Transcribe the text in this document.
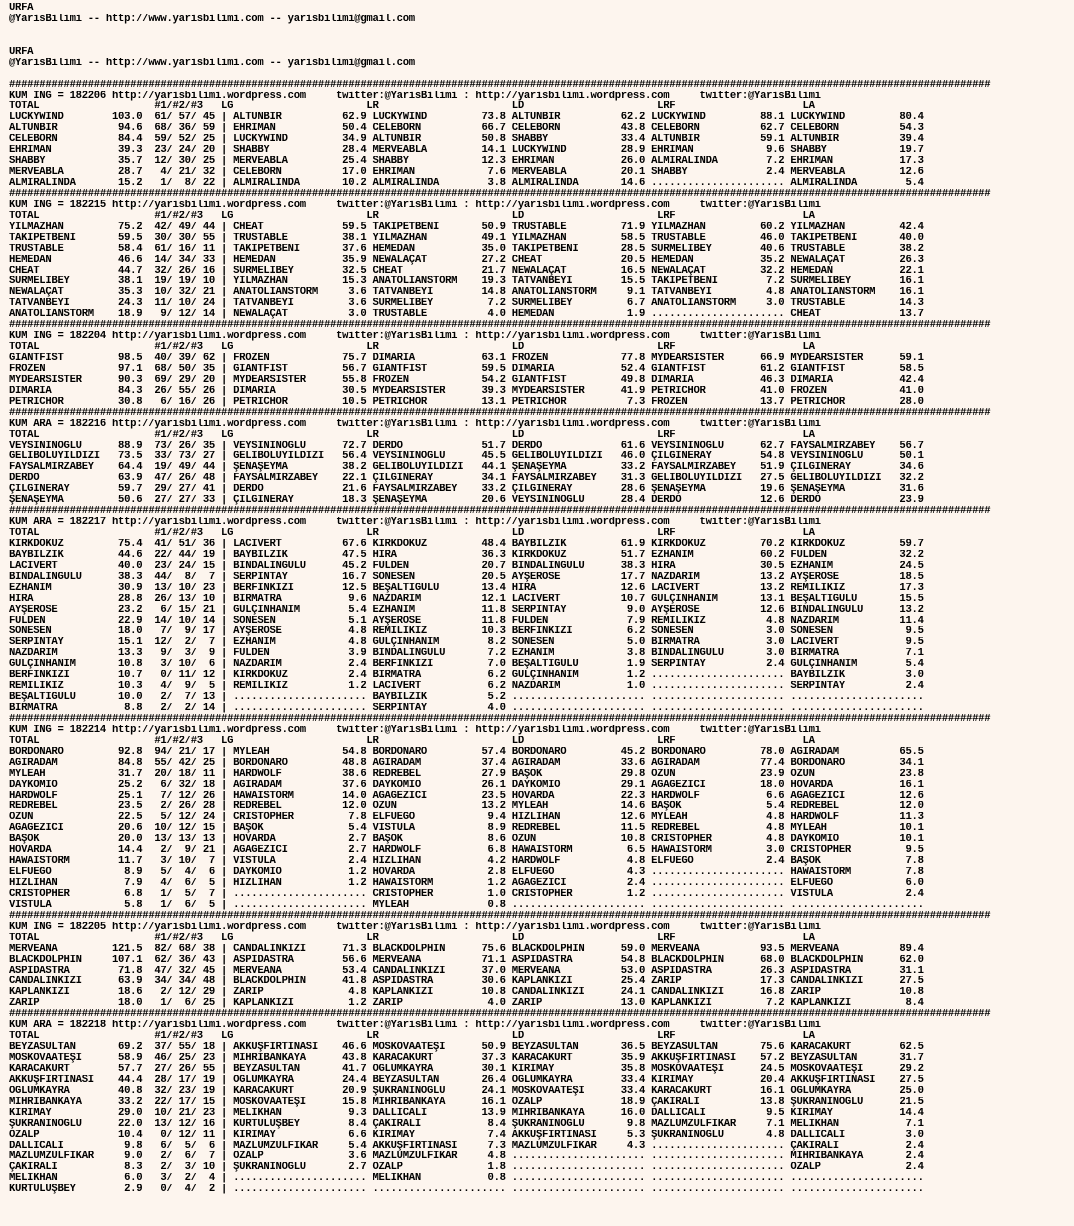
URFA
@YarisBilimi -- http://www.yarisbilimi.com -- yarisbilimi@gmail.com

URFA
@YarisBilimi -- http://www.yarisbilimi.com -- yarisbilimi@gmail.com

##################################################################################################################################################################
KUM ING = 182206 http://yarisbilimi.wordpress.com     twitter:@YarisBilimi : http://yarisbilimi.wordpress.com     twitter:@YarisBilimi
TOTAL                   #1/#2/#3   LG                      LR                      LD                      LRF                     LA
LUCKYWIND        103.0  61/ 57/ 45 | ALTUNBİR          62.9 LUCKYWIND         73.8 ALTUNBİR          62.2 LUCKYWIND         88.1 LUCKYWIND         80.4
ALTUNBİR          94.6  68/ 36/ 59 | EHRİMAN           50.4 CELEBORN          66.7 CELEBORN          43.8 CELEBORN          62.7 CELEBORN          54.3
CELEBORN          84.4  59/ 52/ 25 | LUCKYWIND         34.9 ALTUNBİR          50.8 SHABBY            33.4 ALTUNBİR          59.1 ALTUNBİR          39.4
EHRİMAN           39.3  23/ 24/ 20 | SHABBY            28.4 MERVEABLA         14.1 LUCKYWIND         28.9 EHRİMAN            9.6 SHABBY            19.7
SHABBY            35.7  12/ 30/ 25 | MERVEABLA         25.4 SHABBY            12.3 EHRİMAN           26.0 ALMİRALİNDA        7.2 EHRİMAN           17.3
MERVEABLA         28.7   4/ 21/ 32 | CELEBORN          17.0 EHRİMAN            7.6 MERVEABLA         20.1 SHABBY             2.4 MERVEABLA         12.6
ALMİRALİNDA       15.2   1/  8/ 22 | ALMİRALİNDA       10.2 ALMİRALİNDA        3.8 ALMİRALİNDA       14.6 ...................... ALMİRALİNDA        5.4
##################################################################################################################################################################
KUM ING = 182215 http://yarisbilimi.wordpress.com     twitter:@YarisBilimi : http://yarisbilimi.wordpress.com     twitter:@YarisBilimi
TOTAL                   #1/#2/#3   LG                      LR                      LD                      LRF                     LA
YILMAZHAN         75.2  42/ 49/ 44 | CHEAT             59.5 TAKİPETBENİ       50.9 TRUSTABLE         71.9 YILMAZHAN         60.2 YILMAZHAN         42.4
TAKİPETBENİ       59.5  30/ 30/ 55 | TRUSTABLE         38.1 YILMAZHAN         49.1 YILMAZHAN         58.5 TRUSTABLE         46.0 TAKİPETBENİ       40.0
TRUSTABLE         58.4  61/ 16/ 11 | TAKİPETBENİ       37.6 HEMEDAN           35.0 TAKİPETBENİ       28.5 SURMELİBEY        40.6 TRUSTABLE         38.2
HEMEDAN           46.6  14/ 34/ 33 | HEMEDAN           35.9 NEWALAÇAT         27.2 CHEAT             20.5 HEMEDAN           35.2 NEWALAÇAT         26.3
CHEAT             44.7  32/ 26/ 16 | SURMELİBEY        32.5 CHEAT             21.7 NEWALAÇAT         16.5 NEWALAÇAT         32.2 HEMEDAN           22.1
SURMELİBEY        38.1  19/ 19/ 10 | YILMAZHAN         15.3 ANATOLİANSTORM    19.3 TATVANBEYİ        15.5 TAKİPETBENİ        7.2 SURMELİBEY        16.1
NEWALAÇAT         35.3  10/ 32/ 21 | ANATOLİANSTORM     3.6 TATVANBEYİ        14.8 ANATOLİANSTORM     9.1 TATVANBEYİ         4.8 ANATOLİANSTORM    16.1
TATVANBEYİ        24.3  11/ 10/ 24 | TATVANBEYİ         3.6 SURMELİBEY         7.2 SURMELİBEY         6.7 ANATOLİANSTORM     3.0 TRUSTABLE         14.3
ANATOLİANSTORM    18.9   9/ 12/ 14 | NEWALAÇAT          3.0 TRUSTABLE          4.0 HEMEDAN            1.9 ...................... CHEAT             13.7
##################################################################################################################################################################
KUM ING = 182204 http://yarisbilimi.wordpress.com     twitter:@YarisBilimi : http://yarisbilimi.wordpress.com     twitter:@YarisBilimi
TOTAL                   #1/#2/#3   LG                      LR                      LD                      LRF                     LA
GIANTFIST         98.5  40/ 39/ 62 | FROZEN            75.7 DIMARIA           63.1 FROZEN            77.8 MYDEARSISTER      66.9 MYDEARSISTER      59.1
FROZEN            97.1  68/ 50/ 35 | GIANTFIST         56.7 GIANTFIST         59.5 DIMARIA           52.4 GIANTFIST         61.2 GIANTFIST         58.5
MYDEARSISTER      90.3  69/ 29/ 20 | MYDEARSISTER      55.8 FROZEN            54.2 GIANTFIST         49.8 DIMARIA           46.3 DIMARIA           42.4
DIMARIA           84.3  26/ 55/ 26 | DIMARIA           30.5 MYDEARSISTER      39.3 MYDEARSISTER      41.9 PETRICHOR         41.0 FROZEN            41.0
PETRICHOR         30.8   6/ 16/ 26 | PETRICHOR         10.5 PETRICHOR         13.1 PETRICHOR          7.3 FROZEN            13.7 PETRICHOR         28.0
##################################################################################################################################################################
KUM ARA = 182216 http://yarisbilimi.wordpress.com     twitter:@YarisBilimi : http://yarisbilimi.wordpress.com     twitter:@YarisBilimi
TOTAL                   #1/#2/#3   LG                      LR                      LD                      LRF                     LA
VEYSİNİNOĞLU      88.9  73/ 26/ 35 | VEYSİNİNOĞLU      72.7 DERDO             51.7 DERDO             61.6 VEYSİNİNOĞLU      62.7 FAYSALMİRZABEY    56.7
GELİBOLUYILDIZI   73.5  33/ 73/ 27 | GELİBOLUYILDIZI   56.4 VEYSİNİNOĞLU      45.5 GELİBOLUYILDIZI   46.0 ÇILGINERAY        54.8 VEYSİNİNOĞLU      50.1
FAYSALMİRZABEY    64.4  19/ 49/ 44 | ŞENAŞEYMA         38.2 GELİBOLUYILDIZI   44.1 ŞENAŞEYMA         33.2 FAYSALMİRZABEY    51.9 ÇILGINERAY        34.6
DERDO             63.9  47/ 26/ 48 | FAYSALMİRZABEY    22.1 ÇILGINERAY        34.1 FAYSALMİRZABEY    31.3 GELİBOLUYILDIZI   27.5 GELİBOLUYILDIZI   32.2
ÇILGINERAY        59.7  29/ 27/ 41 | DERDO             21.6 FAYSALMİRZABEY    33.2 ÇILGINERAY        28.6 ŞENAŞEYMA         19.6 ŞENAŞEYMA         31.6
ŞENAŞEYMA         50.6  27/ 27/ 33 | ÇILGINERAY        18.3 ŞENAŞEYMA         20.6 VEYSİNİNOĞLU      28.4 DERDO             12.6 DERDO             23.9
##################################################################################################################################################################
KUM ARA = 182217 http://yarisbilimi.wordpress.com     twitter:@YarisBilimi : http://yarisbilimi.wordpress.com     twitter:@YarisBilimi
TOTAL                   #1/#2/#3   LG                      LR                      LD                      LRF                     LA
KIRKDOKUZ         75.4  41/ 51/ 36 | LACİVERT          67.6 KIRKDOKUZ         48.4 BAYBİLZİK         61.9 KIRKDOKUZ         70.2 KIRKDOKUZ         59.7
BAYBİLZİK         44.6  22/ 44/ 19 | BAYBİLZİK         47.5 HİRA              36.3 KIRKDOKUZ         51.7 EZHANIM           60.2 FULDEN            32.2
LACİVERT          40.0  23/ 24/ 15 | BİNDALINGÜLÜ      45.2 FULDEN            20.7 BİNDALINGÜLÜ      38.3 HİRA              30.5 EZHANIM           24.5
BİNDALINGÜLÜ      38.3  44/  8/  7 | SERPİNTAY         16.7 SONESEN           20.5 AYŞEROSE          17.7 NAZDARIM          13.2 AYŞEROSE          18.5
EZHANIM           30.9  13/ 10/ 23 | BERFİNKIZI        12.5 BEŞALTIGÜLÜ       13.4 HİRA              12.6 LACİVERT          13.2 REMİLİKIZ         17.3
HİRA              28.8  26/ 13/ 10 | BİRMATRA           9.6 NAZDARIM          12.1 LACİVERT          10.7 GULÇİNHANIM       13.1 BEŞALTIGÜLÜ       15.5
AYŞEROSE          23.2   6/ 15/ 21 | GULÇİNHANIM        5.4 EZHANIM           11.8 SERPİNTAY          9.0 AYŞEROSE          12.6 BİNDALINGÜLÜ      13.2
FULDEN            22.9  14/ 10/ 14 | SONESEN            5.1 AYŞEROSE          11.8 FULDEN             7.9 REMİLİKIZ          4.8 NAZDARIM          11.4
SONESEN           18.0   7/  9/ 17 | AYŞEROSE           4.8 REMİLİKIZ         10.3 BERFİNKIZI         6.2 SONESEN            3.0 SONESEN            9.5
SERPİNTAY         15.1  12/  2/  7 | EZHANIM            4.8 GULÇİNHANIM        8.2 SONESEN            5.0 BİRMATRA           3.0 LACİVERT           9.5
NAZDARIM          13.3   9/  3/  9 | FULDEN             3.9 BİNDALINGÜLÜ       7.2 EZHANIM            3.8 BİNDALINGÜLÜ       3.0 BİRMATRA           7.1
GULÇİNHANIM       10.8   3/ 10/  6 | NAZDARIM           2.4 BERFİNKIZI         7.0 BEŞALTIGÜLÜ        1.9 SERPİNTAY          2.4 GULÇİNHANIM        5.4
BERFİNKIZI        10.7   0/ 11/ 12 | KIRKDOKUZ          2.4 BİRMATRA           6.2 GULÇİNHANIM        1.2 ...................... BAYBİLZİK          3.0
REMİLİKIZ         10.3   4/  9/  5 | REMİLİKIZ          1.2 LACİVERT           6.2 NAZDARIM           1.0 ...................... SERPİNTAY          2.4
BEŞALTIGÜLÜ       10.0   2/  7/ 13 | ...................... BAYBİLZİK          5.2 ...................... ...................... ......................
BİRMATRA           8.8   2/  2/ 14 | ...................... SERPİNTAY          4.0 ...................... ...................... ......................
##################################################################################################################################################################
KUM ING = 182214 http://yarisbilimi.wordpress.com     twitter:@YarisBilimi : http://yarisbilimi.wordpress.com     twitter:@YarisBilimi
TOTAL                   #1/#2/#3   LG                      LR                      LD                      LRF                     LA
BORDONARO         92.8  94/ 21/ 17 | MYLEAH            54.8 BORDONARO         57.4 BORDONARO         45.2 BORDONARO         78.0 AGIRADAM          65.5
AGIRADAM          84.8  55/ 42/ 25 | BORDONARO         48.8 AGIRADAM          37.4 AGIRADAM          33.6 AGIRADAM          77.4 BORDONARO         34.1
MYLEAH            31.7  20/ 18/ 11 | HARDWOLF          38.6 REDREBEL          27.9 BAŞOK             29.8 ÖZÜN              23.9 ÖZÜN              23.8
DAYKOMIO          25.2   6/ 32/ 18 | AGIRADAM          37.6 DAYKOMIO          26.1 DAYKOMIO          29.1 AĞAGEZİCİ         18.0 HOVARDA           16.1
HARDWOLF          25.1   7/ 12/ 26 | HAWAISTORM        14.0 AĞAGEZİCİ         23.5 HOVARDA           22.3 HARDWOLF           6.6 AĞAGEZİCİ         12.6
REDREBEL          23.5   2/ 26/ 28 | REDREBEL          12.0 ÖZÜN              13.2 MYLEAH            14.6 BAŞOK              5.4 REDREBEL          12.0
ÖZÜN              22.5   5/ 12/ 24 | CRISTOPHER         7.8 ELFUEGO            9.4 HIZLIHAN          12.6 MYLEAH             4.8 HARDWOLF          11.3
AĞAGEZİCİ         20.6  10/ 12/ 15 | BAŞOK              5.4 VİSTULA            8.9 REDREBEL          11.5 REDREBEL           4.8 MYLEAH            10.1
BAŞOK             20.0  13/ 13/ 13 | HOVARDA            2.7 BAŞOK              8.6 ÖZÜN              10.8 CRISTOPHER         4.8 DAYKOMIO          10.1
HOVARDA           14.4   2/  9/ 21 | AĞAGEZİCİ          2.7 HARDWOLF           6.8 HAWAISTORM         6.5 HAWAISTORM         3.0 CRISTOPHER         9.5
HAWAISTORM        11.7   3/ 10/  7 | VİSTULA            2.4 HIZLIHAN           4.2 HARDWOLF           4.8 ELFUEGO            2.4 BAŞOK              7.8
ELFUEGO            8.9   5/  4/  6 | DAYKOMIO           1.2 HOVARDA            2.8 ELFUEGO            4.3 ...................... HAWAISTORM         7.8
HIZLIHAN           7.9   4/  6/  5 | HIZLIHAN           1.2 HAWAISTORM         1.2 AĞAGEZİCİ          2.4 ...................... ELFUEGO            6.0
CRISTOPHER         6.8   1/  5/  7 | ...................... CRISTOPHER         1.0 CRISTOPHER         1.2 ...................... VİSTULA            2.4
VİSTULA            5.8   1/  6/  5 | ...................... MYLEAH             0.8 ...................... ...................... ......................
##################################################################################################################################################################
KUM ING = 182205 http://yarisbilimi.wordpress.com     twitter:@YarisBilimi : http://yarisbilimi.wordpress.com     twitter:@YarisBilimi
TOTAL                   #1/#2/#3   LG                      LR                      LD                      LRF                     LA
MERVEANA         121.5  82/ 68/ 38 | CANDALINKIZI      71.3 BLACKDOLPHIN      75.6 BLACKDOLPHIN      59.0 MERVEANA          93.5 MERVEANA          89.4
BLACKDOLPHIN     107.1  62/ 36/ 43 | ASPIDASTRA        56.6 MERVEANA          71.1 ASPIDASTRA        54.8 BLACKDOLPHIN      68.0 BLACKDOLPHIN      62.0
ASPIDASTRA        71.8  47/ 32/ 45 | MERVEANA          53.4 CANDALINKIZI      37.0 MERVEANA          53.0 ASPIDASTRA        26.3 ASPIDASTRA        31.1
CANDALINKIZI      63.9  34/ 34/ 48 | BLACKDOLPHIN      41.8 ASPIDASTRA        30.6 KAPLANKIZI        25.4 ZARİP             17.3 CANDALINKIZI      27.5
KAPLANKIZI        18.6   2/ 12/ 29 | ZARİP              4.8 KAPLANKIZI        10.8 CANDALINKIZI      24.1 CANDALINKIZI      16.8 ZARİP             10.8
ZARİP             18.0   1/  6/ 25 | KAPLANKIZI         1.2 ZARİP              4.0 ZARİP             13.0 KAPLANKIZI         7.2 KAPLANKIZI         8.4
##################################################################################################################################################################
KUM ARA = 182218 http://yarisbilimi.wordpress.com     twitter:@YarisBilimi : http://yarisbilimi.wordpress.com     twitter:@YarisBilimi
TOTAL                   #1/#2/#3   LG                      LR                      LD                      LRF                     LA
BEYZASULTAN       69.2  37/ 55/ 18 | AKKUŞFIRTINASI    46.6 MOSKOVAATEŞİ      50.9 BEYZASULTAN       36.5 BEYZASULTAN       75.6 KARACAKURT        62.5
MOSKOVAATEŞİ      58.9  46/ 25/ 23 | MİHRİBANKAYA      43.8 KARACAKURT        37.3 KARACAKURT        35.9 AKKUŞFIRTINASI    57.2 BEYZASULTAN       31.7
KARACAKURT        57.7  27/ 26/ 55 | BEYZASULTAN       41.7 OGLUMKAYRA        30.1 KIRIMAY           35.8 MOSKOVAATEŞİ      24.5 MOSKOVAATEŞİ      29.2
AKKUŞFIRTINASI    44.4  28/ 17/ 19 | OGLUMKAYRA        24.4 BEYZASULTAN       26.4 OGLUMKAYRA        33.4 KIRIMAY           20.4 AKKUŞFIRTINASI    27.5
OGLUMKAYRA        40.8  32/ 23/ 19 | KARACAKURT        20.9 ŞUKRANINOGLU      24.1 MOSKOVAATEŞİ      33.4 KARACAKURT        16.1 OGLUMKAYRA        25.0
MİHRİBANKAYA      33.2  22/ 17/ 15 | MOSKOVAATEŞİ      15.8 MİHRİBANKAYA      16.1 ÖZALP             18.9 ÇAKIRALI          13.8 ŞUKRANINOGLU      21.5
KIRIMAY           29.0  10/ 21/ 23 | MELİKHAN           9.3 DALLICALI         13.9 MİHRİBANKAYA      16.0 DALLICALI          9.5 KIRIMAY           14.4
ŞUKRANINOGLU      22.0  13/ 12/ 16 | KURTULUŞBEY        8.4 ÇAKIRALI           8.4 ŞUKRANINOGLU       9.8 MAZLUMZÜLFİKAR     7.1 MELİKHAN           7.1
ÖZALP             10.4   0/ 12/ 11 | KIRIMAY            6.6 KIRIMAY            7.4 AKKUŞFIRTINASI     5.3 ŞUKRANINOGLU       4.8 DALLICALI          3.0
DALLICALI          9.8   6/  5/  6 | MAZLUMZÜLFİKAR     5.4 AKKUŞFIRTINASI     7.3 MAZLUMZÜLFİKAR     4.3 ...................... ÇAKIRALI           2.4
MAZLUMZÜLFİKAR     9.0   2/  6/  7 | ÖZALP              3.6 MAZLUMZÜLFİKAR     4.8 ...................... ...................... MİHRİBANKAYA       2.4
ÇAKIRALI           8.3   2/  3/ 10 | ŞUKRANINOGLU       2.7 ÖZALP              1.8 ...................... ...................... ÖZALP              2.4
MELİKHAN           6.0   3/  2/  4 | ...................... MELİKHAN           0.8 ...................... ...................... ......................
KURTULUŞBEY        2.9   0/  4/  2 | ...................... ...................... ...................... ...................... ......................
